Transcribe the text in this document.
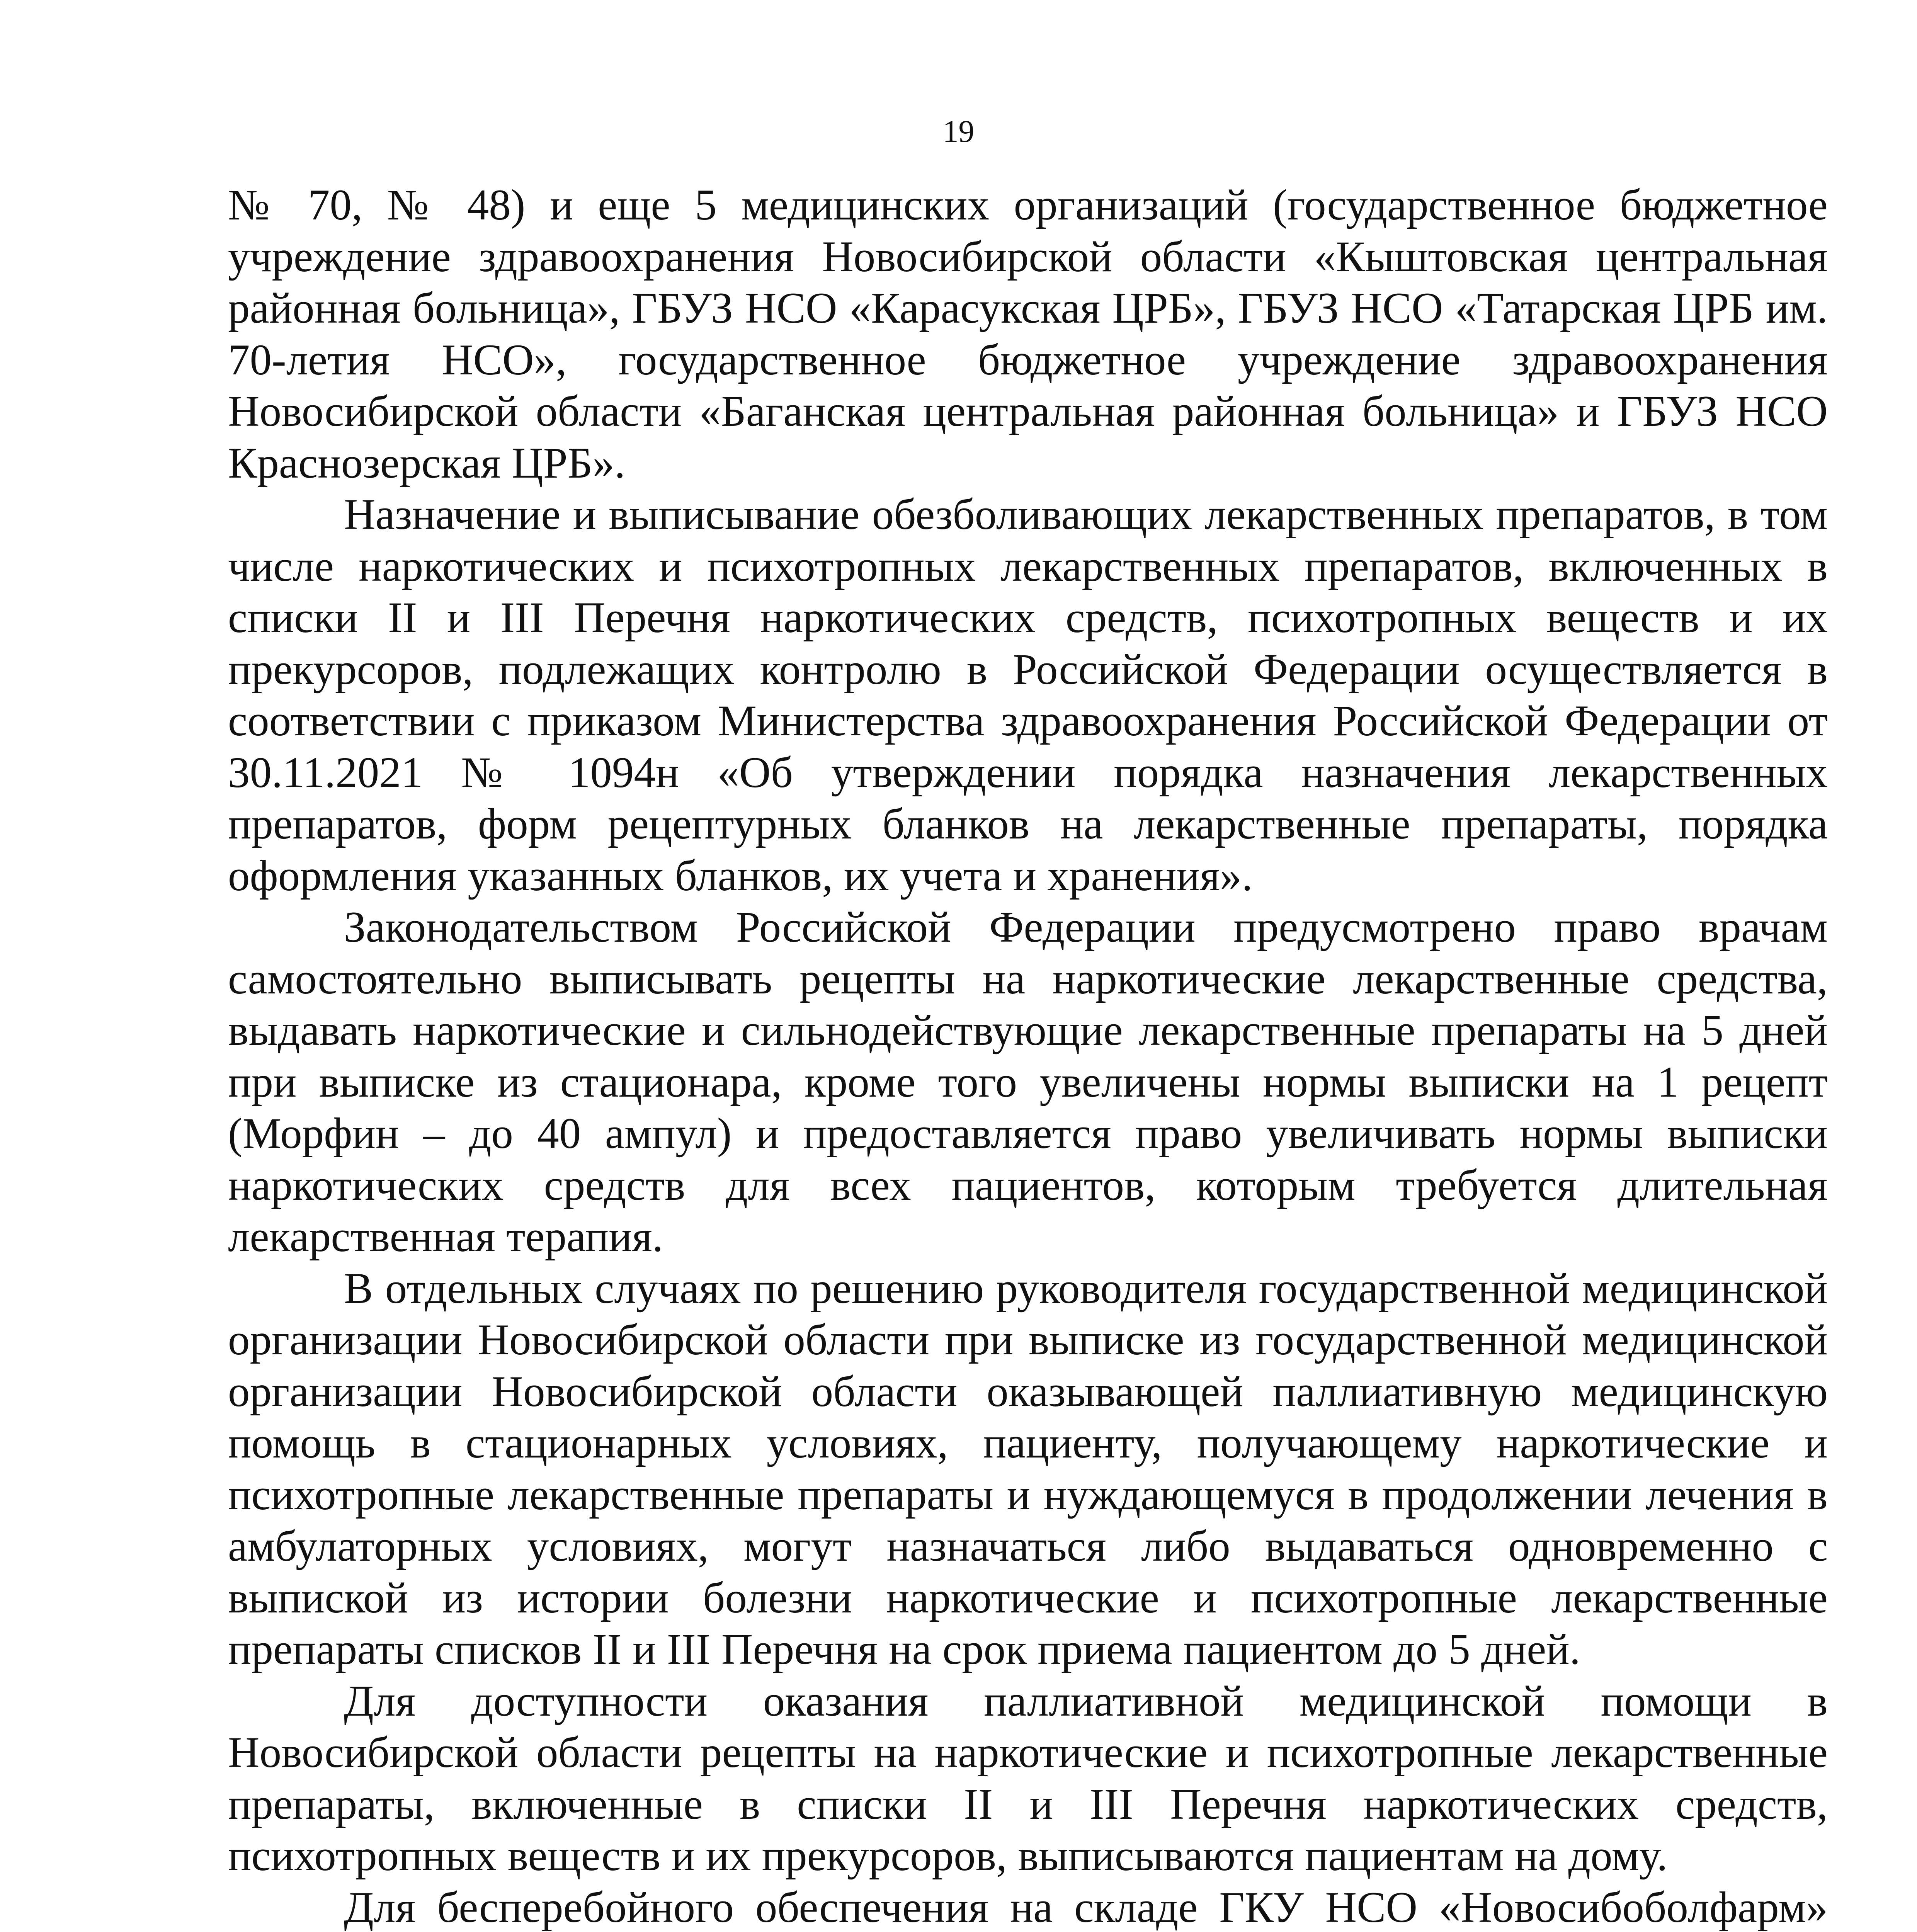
19

№ 70, № 48) и еще 5 медицинских организаций (государственное бюджетное учреждение здравоохранения Новосибирской области «Кыштовская центральная районная больница», ГБУЗ НСО «Карасукская ЦРБ», ГБУЗ НСО «Татарская ЦРБ им. 70-летия НСО», государственное бюджетное учреждение здравоохранения Новосибирской области «Баганская центральная районная больница» и ГБУЗ НСО Краснозерская ЦРБ».

Назначение и выписывание обезболивающих лекарственных препаратов, в том числе наркотических и психотропных лекарственных препаратов, включенных в списки II и III Перечня наркотических средств, психотропных веществ и их прекурсоров, подлежащих контролю в Российской Федерации осуществляется в соответствии с приказом Министерства здравоохранения Российской Федерации от 30.11.2021 № 1094н «Об утверждении порядка назначения лекарственных препаратов, форм рецептурных бланков на лекарственные препараты, порядка оформления указанных бланков, их учета и хранения».

Законодательством Российской Федерации предусмотрено право врачам самостоятельно выписывать рецепты на наркотические лекарственные средства, выдавать наркотические и сильнодействующие лекарственные препараты на 5 дней при выписке из стационара, кроме того увеличены нормы выписки на 1 рецепт (Морфин – до 40 ампул) и предоставляется право увеличивать нормы выписки наркотических средств для всех пациентов, которым требуется длительная лекарственная терапия.

В отдельных случаях по решению руководителя государственной медицинской организации Новосибирской области при выписке из государственной медицинской организации Новосибирской области оказывающей паллиативную медицинскую помощь в стационарных условиях, пациенту, получающему наркотические и психотропные лекарственные препараты и нуждающемуся в продолжении лечения в амбулаторных условиях, могут назначаться либо выдаваться одновременно с выпиской из истории болезни наркотические и психотропные лекарственные препараты списков II и III Перечня на срок приема пациентом до 5 дней.

Для доступности оказания паллиативной медицинской помощи в Новосибирской области рецепты на наркотические и психотропные лекарственные препараты, включенные в списки II и III Перечня наркотических средств, психотропных веществ и их прекурсоров, выписываются пациентам на дому.

Для бесперебойного обеспечения на складе ГКУ НСО «Новосибоболфарм»
